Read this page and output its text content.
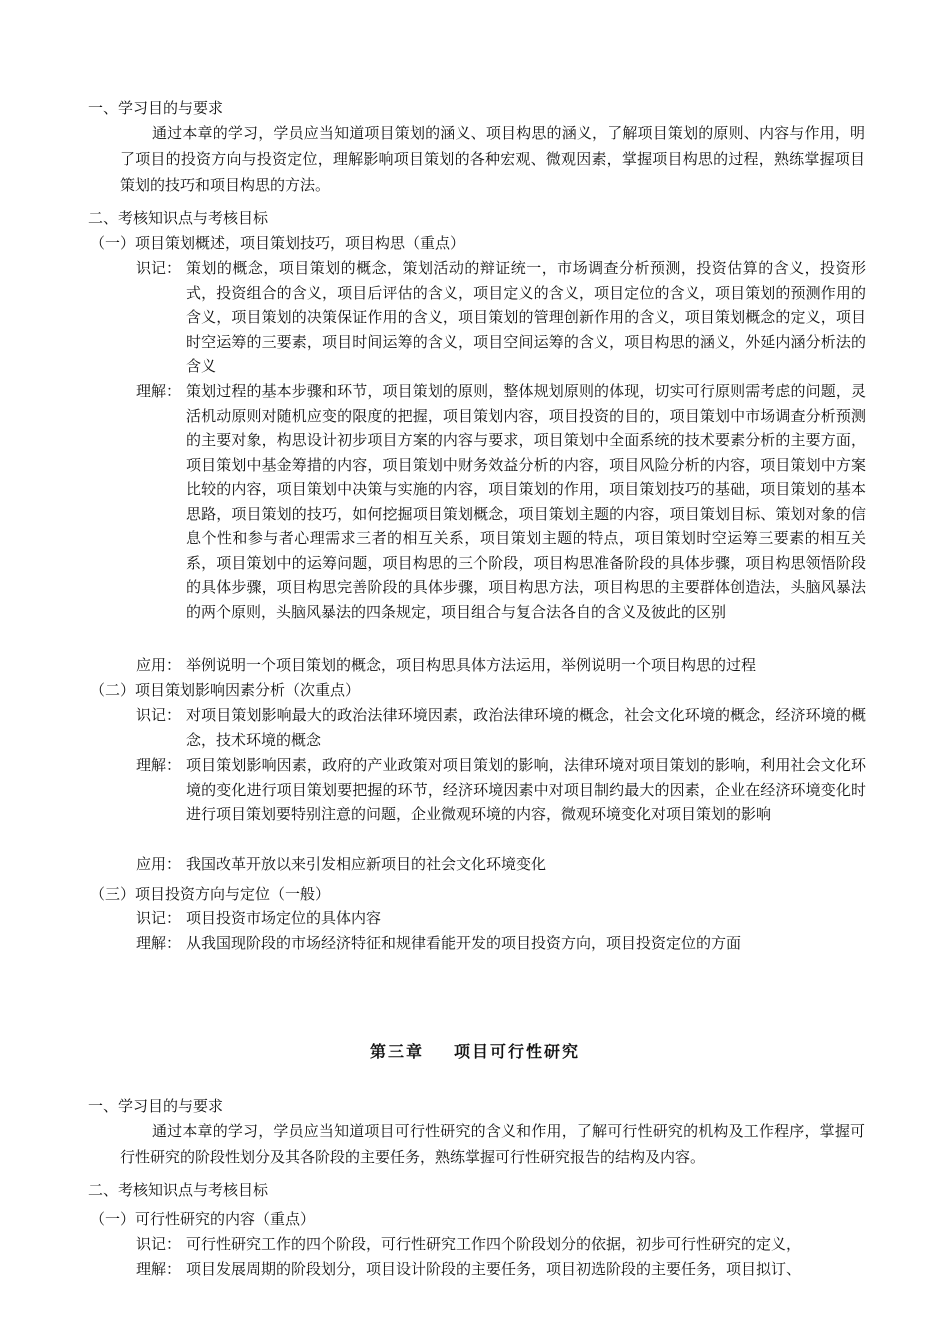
一、学习目的与要求
通过本章的学习，学员应当知道项目策划的涵义、项目构思的涵义，了解项目策划的原则、内容与作用，明了项目的投资方向与投资定位，理解影响项目策划的各种宏观、微观因素，掌握项目构思的过程，熟练掌握项目策划的技巧和项目构思的方法。
二、考核知识点与考核目标
（一）项目策划概述，项目策划技巧，项目构思（重点）
识记： 策划的概念，项目策划的概念，策划活动的辩证统一，市场调查分析预测，投资估算的含义，投资形式，投资组合的含义，项目后评估的含义，项目定义的含义，项目定位的含义，项目策划的预测作用的含义，项目策划的决策保证作用的含义，项目策划的管理创新作用的含义，项目策划概念的定义，项目时空运筹的三要素，项目时间运筹的含义，项目空间运筹的含义，项目构思的涵义，外延内涵分析法的含义
理解： 策划过程的基本步骤和环节，项目策划的原则，整体规划原则的体现，切实可行原则需考虑的问题，灵活机动原则对随机应变的限度的把握，项目策划内容，项目投资的目的，项目策划中市场调查分析预测的主要对象，构思设计初步项目方案的内容与要求，项目策划中全面系统的技术要素分析的主要方面，项目策划中基金筹措的内容，项目策划中财务效益分析的内容，项目风险分析的内容，项目策划中方案比较的内容，项目策划中决策与实施的内容，项目策划的作用，项目策划技巧的基础，项目策划的基本思路，项目策划的技巧，如何挖掘项目策划概念，项目策划主题的内容，项目策划目标、策划对象的信息个性和参与者心理需求三者的相互关系，项目策划主题的特点，项目策划时空运筹三要素的相互关系，项目策划中的运筹问题，项目构思的三个阶段，项目构思准备阶段的具体步骤，项目构思领悟阶段的具体步骤，项目构思完善阶段的具体步骤，项目构思方法，项目构思的主要群体创造法，头脑风暴法的两个原则，头脑风暴法的四条规定，项目组合与复合法各自的含义及彼此的区别
应用： 举例说明一个项目策划的概念，项目构思具体方法运用，举例说明一个项目构思的过程
（二）项目策划影响因素分析（次重点）
识记： 对项目策划影响最大的政治法律环境因素，政治法律环境的概念，社会文化环境的概念，经济环境的概念，技术环境的概念
理解： 项目策划影响因素，政府的产业政策对项目策划的影响，法律环境对项目策划的影响，利用社会文化环境的变化进行项目策划要把握的环节，经济环境因素中对项目制约最大的因素，企业在经济环境变化时进行项目策划要特别注意的问题，企业微观环境的内容，微观环境变化对项目策划的影响
应用： 我国改革开放以来引发相应新项目的社会文化环境变化
（三）项目投资方向与定位（一般）
识记： 项目投资市场定位的具体内容
理解： 从我国现阶段的市场经济特征和规律看能开发的项目投资方向，项目投资定位的方面
第三章 项目可行性研究
一、学习目的与要求
通过本章的学习，学员应当知道项目可行性研究的含义和作用，了解可行性研究的机构及工作程序，掌握可行性研究的阶段性划分及其各阶段的主要任务，熟练掌握可行性研究报告的结构及内容。
二、考核知识点与考核目标
（一）可行性研究的内容（重点）
识记： 可行性研究工作的四个阶段，可行性研究工作四个阶段划分的依据，初步可行性研究的定义，
理解： 项目发展周期的阶段划分，项目设计阶段的主要任务，项目初选阶段的主要任务，项目拟订、
